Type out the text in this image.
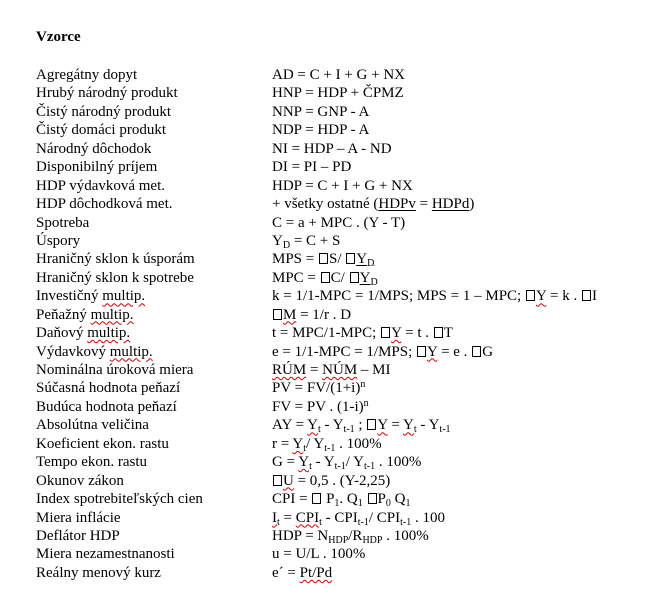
Vzorce
Agregátny dopyt	AD = C + I + G + NX
Hrubý národný produkt	HNP = HDP + ČPMZ
Čistý národný produkt	NNP = GNP - A
Čistý domáci produkt	NDP = HDP - A
Národný dôchodok	NI = HDP – A - ND
Disponibilný príjem	DI = PI – PD
HDP výdavková met.	HDP = C + I + G + NX
HDP dôchodková met.	+ všetky ostatné (HDPv = HDPd)
Spotreba	C = a + MPC . (Y - T)
Úspory	$Y_D = C + S$
Hraničný sklon k úsporám	MPS = S/ $Y_D$
Hraničný sklon k spotrebe	MPC = C/ $Y_D$
Investičný multip.	k = 1/1-MPC = 1/MPS; MPS = 1 – MPC; Y = k . I
Peňažný multip.	M = 1/r . D
Daňový multip.	t = MPC/1-MPC; Y = t . T
Výdavkový multip.	e = 1/1-MPC = 1/MPS; Y = e . G
Nominálna úroková miera	RÚM = NÚM – MI
Súčasná hodnota peňazí	PV = $FV/(1+i)^n$
Budúca hodnota peňazí	FV = PV . $(1-i)^n$
Absolútna veličina	AY = $Y_t - Y_{t-1}$ ; $Y = Y_t - Y_{t-1}$
Koeficient ekon. rastu	$r = Y_t/$ $Y_{t-1}$ . 100%
Tempo ekon. rastu	$G = Y_t - Y_{t-1}/$ $Y_{t-1}$ . 100%
Okunov zákon	U = 0,5 . (Y-2,25)
Index spotrebiteľských cien	CPI =  $P_1$. $Q_1$ $P_0$ $Q_1$
Miera inflácie	$I_t = CPI_t - CPI_{t-1}/$ $CPI_{t-1}$ . 100
Deflátor HDP	HDP = $N_{HDP}/R_{HDP}$ . 100%
Miera nezamestnanosti	u = U/L . 100%
Reálny menový kurz	e´ = Pt/Pd
